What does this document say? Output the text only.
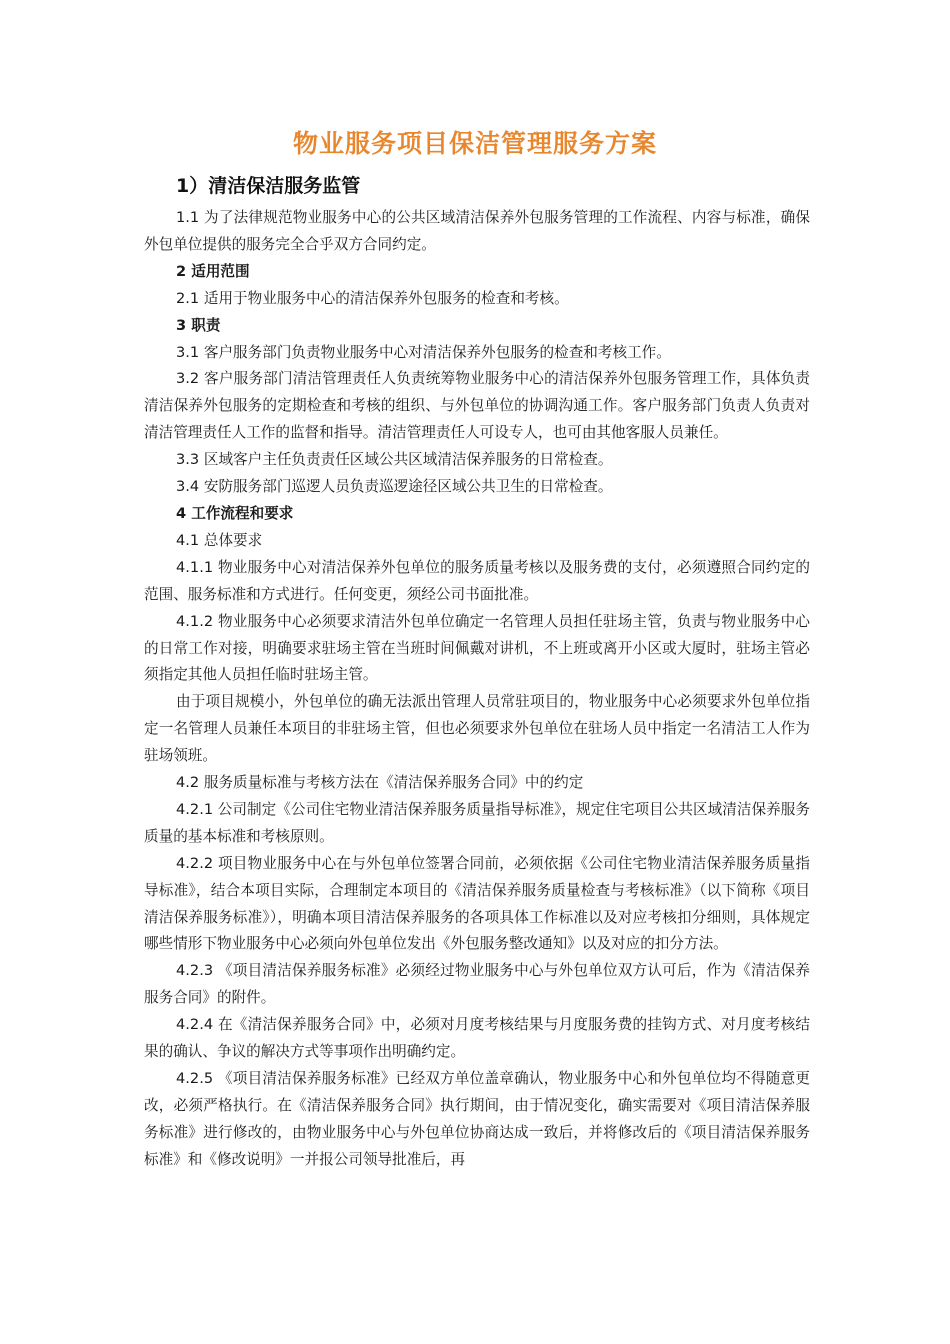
物业服务项目保洁管理服务方案
1）清洁保洁服务监管

1.1 为了法律规范物业服务中心的公共区域清洁保养外包服务管理的工作流程、内容与标准，确保外包单位提供的服务完全合乎双方合同约定。

2 适用范围

2.1 适用于物业服务中心的清洁保养外包服务的检查和考核。

3 职责

3.1 客户服务部门负责物业服务中心对清洁保养外包服务的检查和考核工作。

3.2 客户服务部门清洁管理责任人负责统筹物业服务中心的清洁保养外包服务管理工作，具体负责清洁保养外包服务的定期检查和考核的组织、与外包单位的协调沟通工作。客户服务部门负责人负责对清洁管理责任人工作的监督和指导。清洁管理责任人可设专人，也可由其他客服人员兼任。

3.3 区域客户主任负责责任区域公共区域清洁保养服务的日常检查。

3.4 安防服务部门巡逻人员负责巡逻途径区域公共卫生的日常检查。

4 工作流程和要求

4.1 总体要求

4.1.1 物业服务中心对清洁保养外包单位的服务质量考核以及服务费的支付，必须遵照合同约定的范围、服务标准和方式进行。任何变更，须经公司书面批准。

4.1.2 物业服务中心必须要求清洁外包单位确定一名管理人员担任驻场主管，负责与物业服务中心的日常工作对接，明确要求驻场主管在当班时间佩戴对讲机，不上班或离开小区或大厦时，驻场主管必须指定其他人员担任临时驻场主管。

由于项目规模小，外包单位的确无法派出管理人员常驻项目的，物业服务中心必须要求外包单位指定一名管理人员兼任本项目的非驻场主管，但也必须要求外包单位在驻场人员中指定一名清洁工人作为驻场领班。

4.2 服务质量标准与考核方法在《清洁保养服务合同》中的约定

4.2.1 公司制定《公司住宅物业清洁保养服务质量指导标准》，规定住宅项目公共区域清洁保养服务质量的基本标准和考核原则。

4.2.2 项目物业服务中心在与外包单位签署合同前，必须依据《公司住宅物业清洁保养服务质量指导标准》，结合本项目实际，合理制定本项目的《清洁保养服务质量检查与考核标准》（以下简称《项目清洁保养服务标准》），明确本项目清洁保养服务的各项具体工作标准以及对应考核扣分细则，具体规定哪些情形下物业服务中心必须向外包单位发出《外包服务整改通知》以及对应的扣分方法。

4.2.3 《项目清洁保养服务标准》必须经过物业服务中心与外包单位双方认可后，作为《清洁保养服务合同》的附件。

4.2.4 在《清洁保养服务合同》中，必须对月度考核结果与月度服务费的挂钩方式、对月度考核结果的确认、争议的解决方式等事项作出明确约定。

4.2.5 《项目清洁保养服务标准》已经双方单位盖章确认，物业服务中心和外包单位均不得随意更改，必须严格执行。在《清洁保养服务合同》执行期间，由于情况变化，确实需要对《项目清洁保养服务标准》进行修改的，由物业服务中心与外包单位协商达成一致后，并将修改后的《项目清洁保养服务标准》和《修改说明》一并报公司领导批准后，再
